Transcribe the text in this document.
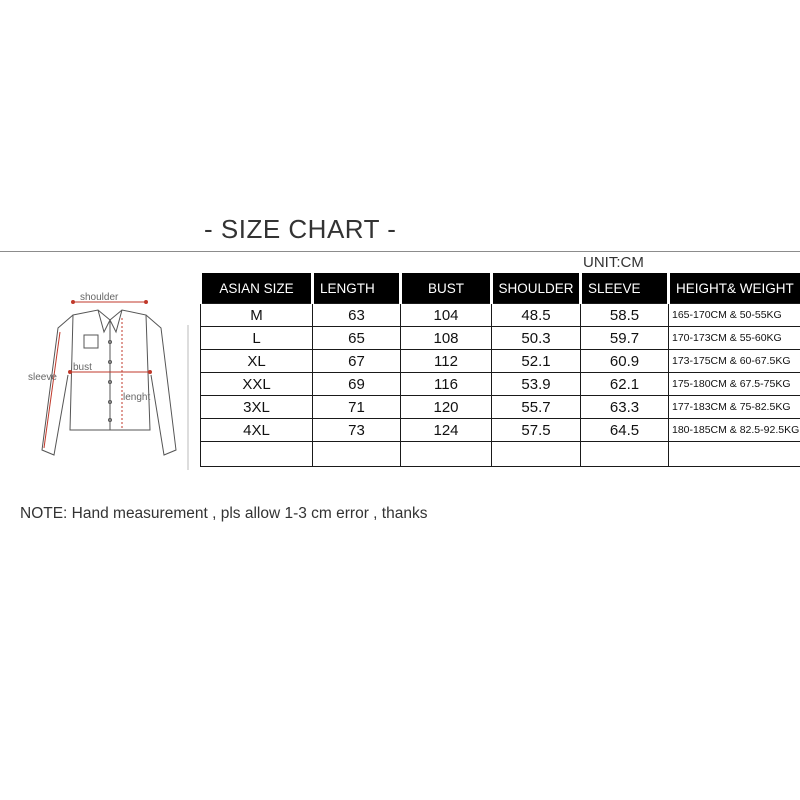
- SIZE CHART -
UNIT:CM
shoulder
bust
sleeve
lenght
ASIAN SIZE	LENGTH	BUST	SHOULDER	SLEEVE	HEIGHT& WEIGHT
M	63	104	48.5	58.5	165-170CM & 50-55KG
L	65	108	50.3	59.7	170-173CM & 55-60KG
XL	67	112	52.1	60.9	173-175CM & 60-67.5KG
XXL	69	116	53.9	62.1	175-180CM & 67.5-75KG
3XL	71	120	55.7	63.3	177-183CM & 75-82.5KG
4XL	73	124	57.5	64.5	180-185CM & 82.5-92.5KG

NOTE: Hand measurement , pls allow 1-3 cm error , thanks
